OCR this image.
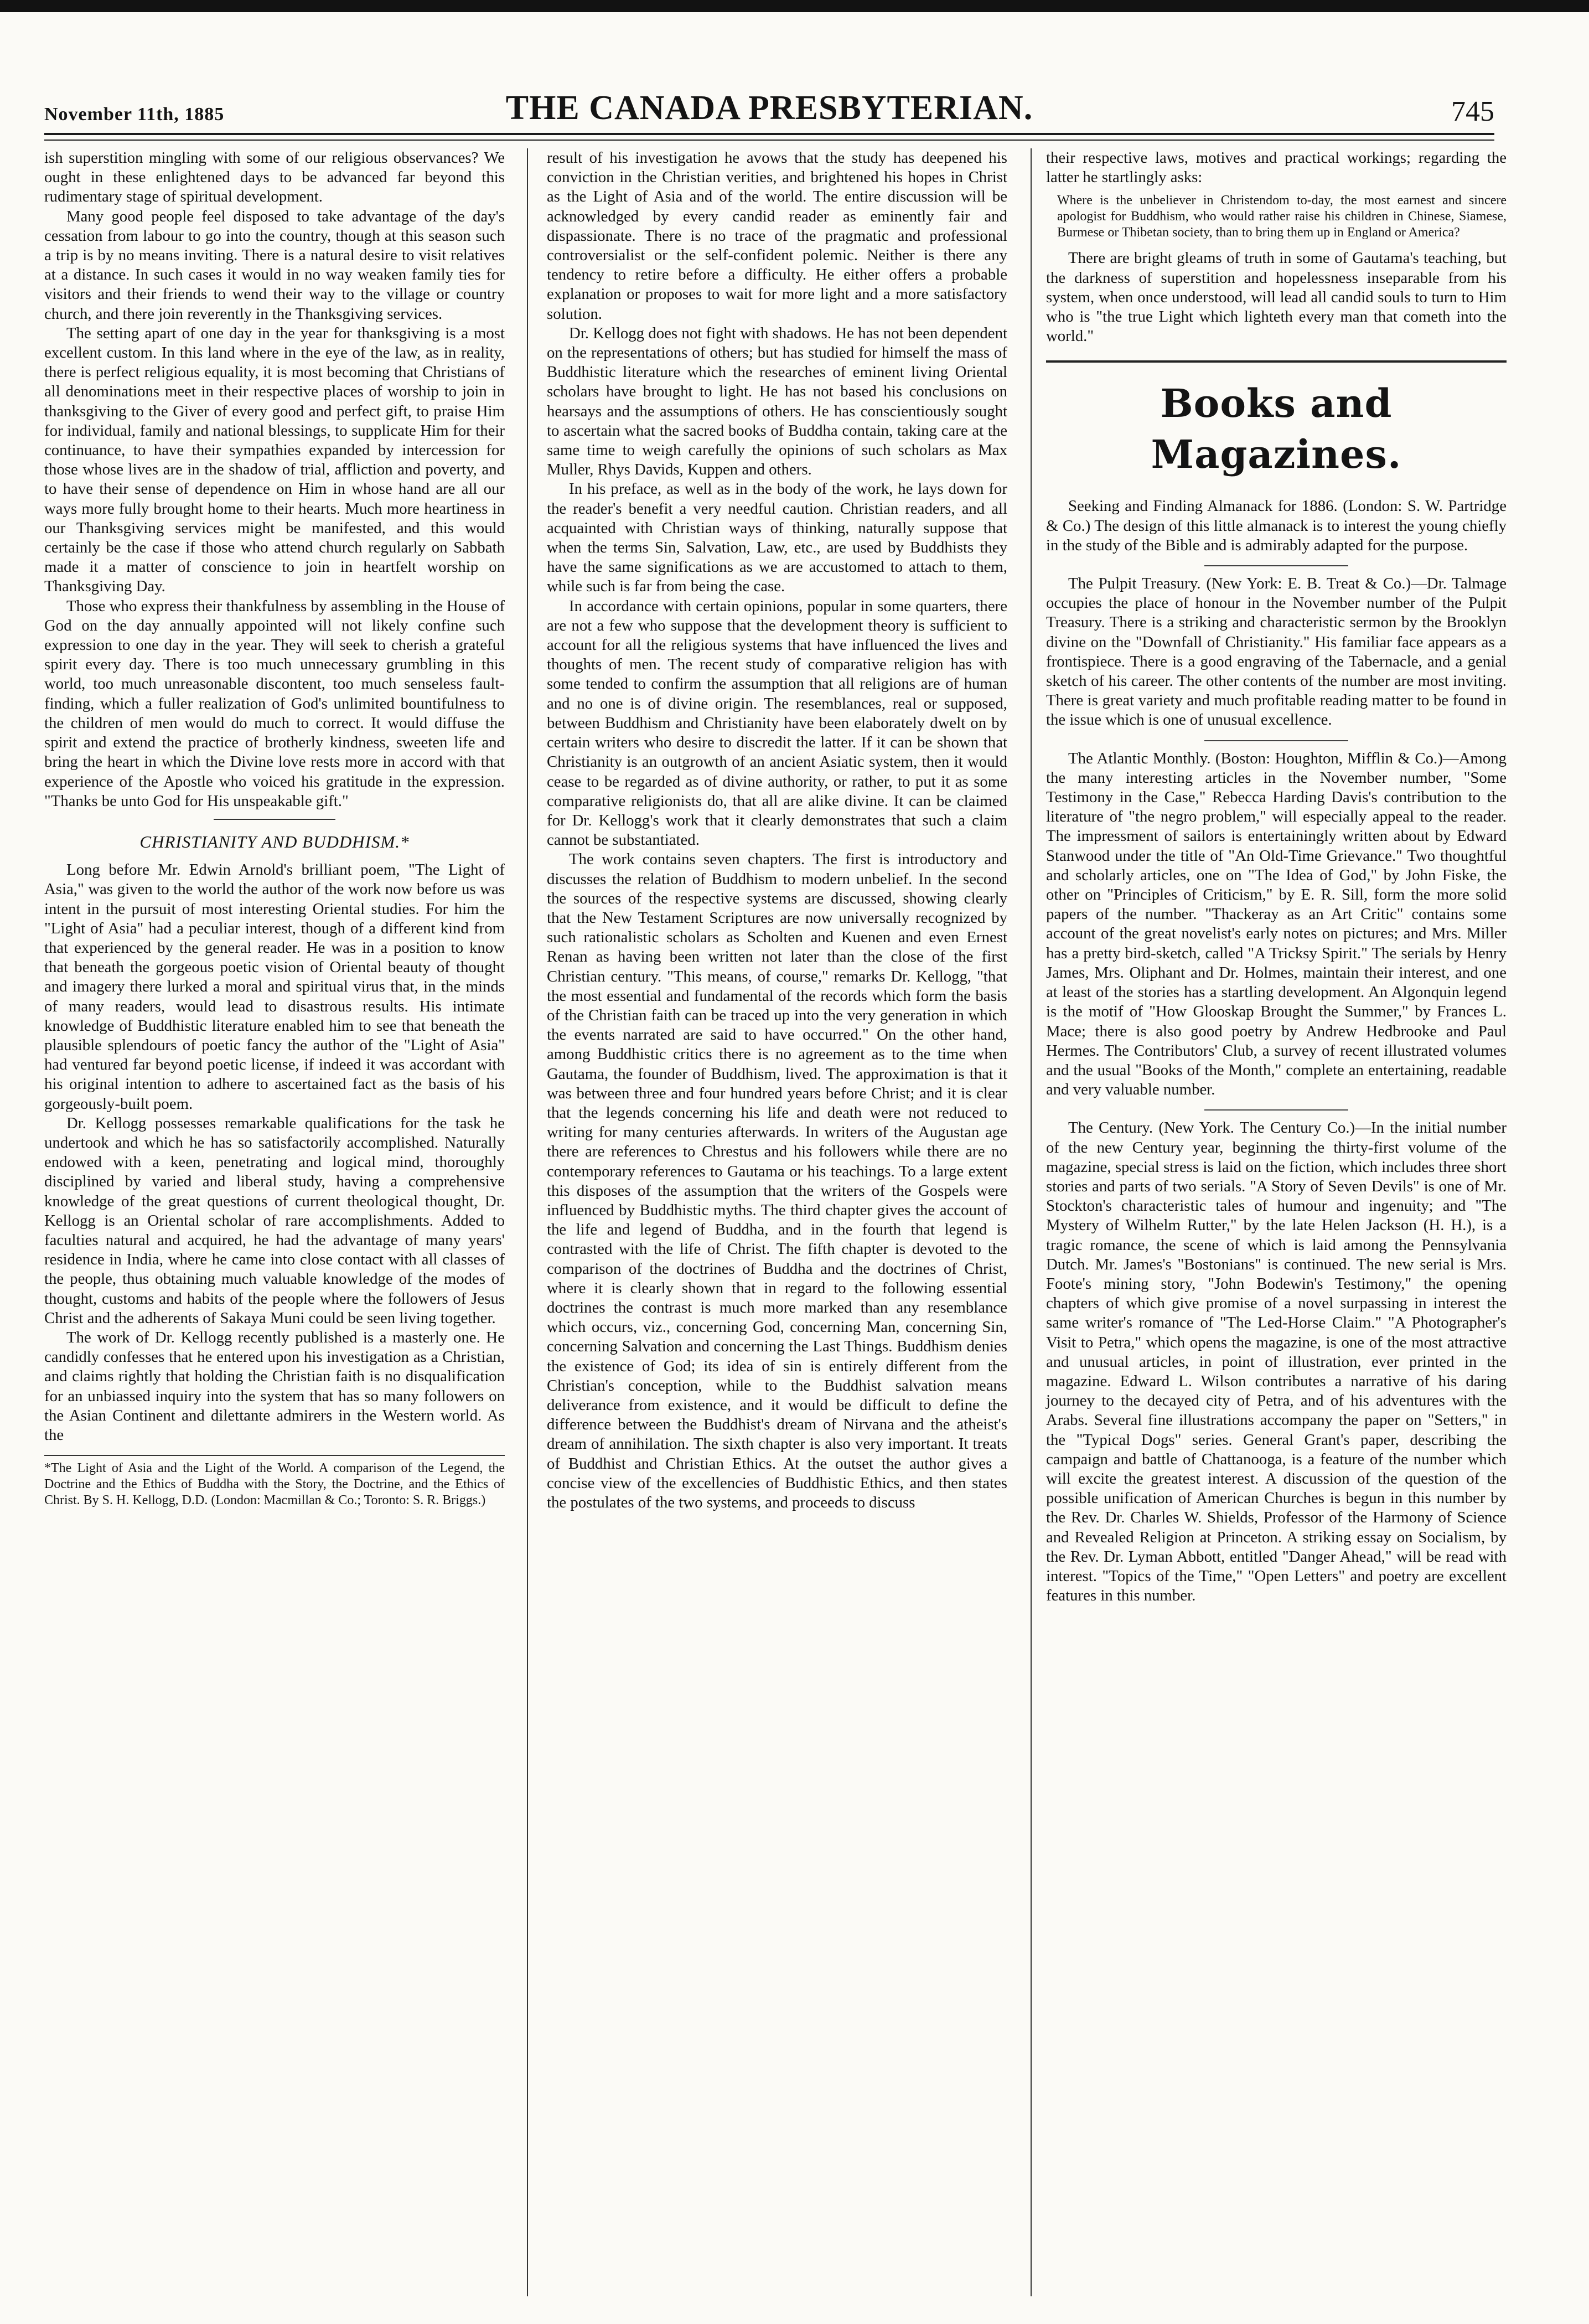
November 11th, 1885	THE CANADA PRESBYTERIAN.	745

ish superstition mingling with some of our religious observances? We ought in these enlightened days to be advanced far beyond this rudimentary stage of spiritual development.

Many good people feel disposed to take advantage of the day's cessation from labour to go into the country, though at this season such a trip is by no means inviting. There is a natural desire to visit relatives at a distance. In such cases it would in no way weaken family ties for visitors and their friends to wend their way to the village or country church, and there join reverently in the Thanksgiving services.

The setting apart of one day in the year for thanksgiving is a most excellent custom. In this land where in the eye of the law, as in reality, there is perfect religious equality, it is most becoming that Christians of all denominations meet in their respective places of worship to join in thanksgiving to the Giver of every good and perfect gift, to praise Him for individual, family and national blessings, to supplicate Him for their continuance, to have their sympathies expanded by intercession for those whose lives are in the shadow of trial, affliction and poverty, and to have their sense of dependence on Him in whose hand are all our ways more fully brought home to their hearts. Much more heartiness in our Thanksgiving services might be manifested, and this would certainly be the case if those who attend church regularly on Sabbath made it a matter of conscience to join in heartfelt worship on Thanksgiving Day.

Those who express their thankfulness by assembling in the House of God on the day annually appointed will not likely confine such expression to one day in the year. They will seek to cherish a grateful spirit every day. There is too much unnecessary grumbling in this world, too much unreasonable discontent, too much senseless fault-finding, which a fuller realization of God's unlimited bountifulness to the children of men would do much to correct. It would diffuse the spirit and extend the practice of brotherly kindness, sweeten life and bring the heart in which the Divine love rests more in accord with that experience of the Apostle who voiced his gratitude in the expression. "Thanks be unto God for His unspeakable gift."

CHRISTIANITY AND BUDDHISM.*

Long before Mr. Edwin Arnold's brilliant poem, "The Light of Asia," was given to the world the author of the work now before us was intent in the pursuit of most interesting Oriental studies. For him the "Light of Asia" had a peculiar interest, though of a different kind from that experienced by the general reader. He was in a position to know that beneath the gorgeous poetic vision of Oriental beauty of thought and imagery there lurked a moral and spiritual virus that, in the minds of many readers, would lead to disastrous results. His intimate knowledge of Buddhistic literature enabled him to see that beneath the plausible splendours of poetic fancy the author of the "Light of Asia" had ventured far beyond poetic license, if indeed it was accordant with his original intention to adhere to ascertained fact as the basis of his gorgeously-built poem.

Dr. Kellogg possesses remarkable qualifications for the task he undertook and which he has so satisfactorily accomplished. Naturally endowed with a keen, penetrating and logical mind, thoroughly disciplined by varied and liberal study, having a comprehensive knowledge of the great questions of current theological thought, Dr. Kellogg is an Oriental scholar of rare accomplishments. Added to faculties natural and acquired, he had the advantage of many years' residence in India, where he came into close contact with all classes of the people, thus obtaining much valuable knowledge of the modes of thought, customs and habits of the people where the followers of Jesus Christ and the adherents of Sakaya Muni could be seen living together.

The work of Dr. Kellogg recently published is a masterly one. He candidly confesses that he entered upon his investigation as a Christian, and claims rightly that holding the Christian faith is no disqualification for an unbiassed inquiry into the system that has so many followers on the Asian Continent and dilettante admirers in the Western world. As the

*The Light of Asia and the Light of the World. A comparison of the Legend, the Doctrine and the Ethics of Buddha with the Story, the Doctrine, and the Ethics of Christ. By S. H. Kellogg, D.D. (London: Macmillan & Co.; Toronto: S. R. Briggs.)

result of his investigation he avows that the study has deepened his conviction in the Christian verities, and brightened his hopes in Christ as the Light of Asia and of the world. The entire discussion will be acknowledged by every candid reader as eminently fair and dispassionate. There is no trace of the pragmatic and professional controversialist or the self-confident polemic. Neither is there any tendency to retire before a difficulty. He either offers a probable explanation or proposes to wait for more light and a more satisfactory solution.

Dr. Kellogg does not fight with shadows. He has not been dependent on the representations of others; but has studied for himself the mass of Buddhistic literature which the researches of eminent living Oriental scholars have brought to light. He has not based his conclusions on hearsays and the assumptions of others. He has conscientiously sought to ascertain what the sacred books of Buddha contain, taking care at the same time to weigh carefully the opinions of such scholars as Max Muller, Rhys Davids, Kuppen and others.

In his preface, as well as in the body of the work, he lays down for the reader's benefit a very needful caution. Christian readers, and all acquainted with Christian ways of thinking, naturally suppose that when the terms Sin, Salvation, Law, etc., are used by Buddhists they have the same significations as we are accustomed to attach to them, while such is far from being the case.

In accordance with certain opinions, popular in some quarters, there are not a few who suppose that the development theory is sufficient to account for all the religious systems that have influenced the lives and thoughts of men. The recent study of comparative religion has with some tended to confirm the assumption that all religions are of human and no one is of divine origin. The resemblances, real or supposed, between Buddhism and Christianity have been elaborately dwelt on by certain writers who desire to discredit the latter. If it can be shown that Christianity is an outgrowth of an ancient Asiatic system, then it would cease to be regarded as of divine authority, or rather, to put it as some comparative religionists do, that all are alike divine. It can be claimed for Dr. Kellogg's work that it clearly demonstrates that such a claim cannot be substantiated.

The work contains seven chapters. The first is introductory and discusses the relation of Buddhism to modern unbelief. In the second the sources of the respective systems are discussed, showing clearly that the New Testament Scriptures are now universally recognized by such rationalistic scholars as Scholten and Kuenen and even Ernest Renan as having been written not later than the close of the first Christian century. "This means, of course," remarks Dr. Kellogg, "that the most essential and fundamental of the records which form the basis of the Christian faith can be traced up into the very generation in which the events narrated are said to have occurred." On the other hand, among Buddhistic critics there is no agreement as to the time when Gautama, the founder of Buddhism, lived. The approximation is that it was between three and four hundred years before Christ; and it is clear that the legends concerning his life and death were not reduced to writing for many centuries afterwards. In writers of the Augustan age there are references to Chrestus and his followers while there are no contemporary references to Gautama or his teachings. To a large extent this disposes of the assumption that the writers of the Gospels were influenced by Buddhistic myths. The third chapter gives the account of the life and legend of Buddha, and in the fourth that legend is contrasted with the life of Christ. The fifth chapter is devoted to the comparison of the doctrines of Buddha and the doctrines of Christ, where it is clearly shown that in regard to the following essential doctrines the contrast is much more marked than any resemblance which occurs, viz., concerning God, concerning Man, concerning Sin, concerning Salvation and concerning the Last Things. Buddhism denies the existence of God; its idea of sin is entirely different from the Christian's conception, while to the Buddhist salvation means deliverance from existence, and it would be difficult to define the difference between the Buddhist's dream of Nirvana and the atheist's dream of annihilation. The sixth chapter is also very important. It treats of Buddhist and Christian Ethics. At the outset the author gives a concise view of the excellencies of Buddhistic Ethics, and then states the postulates of the two systems, and proceeds to discuss

their respective laws, motives and practical workings; regarding the latter he startlingly asks:

Where is the unbeliever in Christendom to-day, the most earnest and sincere apologist for Buddhism, who would rather raise his children in Chinese, Siamese, Burmese or Thibetan society, than to bring them up in England or America?

There are bright gleams of truth in some of Gautama's teaching, but the darkness of superstition and hopelessness inseparable from his system, when once understood, will lead all candid souls to turn to Him who is "the true Light which lighteth every man that cometh into the world."

Books and Magazines.

Seeking and Finding Almanack for 1886. (London: S. W. Partridge & Co.) The design of this little almanack is to interest the young chiefly in the study of the Bible and is admirably adapted for the purpose.

The Pulpit Treasury. (New York: E. B. Treat & Co.)—Dr. Talmage occupies the place of honour in the November number of the Pulpit Treasury. There is a striking and characteristic sermon by the Brooklyn divine on the "Downfall of Christianity." His familiar face appears as a frontispiece. There is a good engraving of the Tabernacle, and a genial sketch of his career. The other contents of the number are most inviting. There is great variety and much profitable reading matter to be found in the issue which is one of unusual excellence.

The Atlantic Monthly. (Boston: Houghton, Mifflin & Co.)—Among the many interesting articles in the November number, "Some Testimony in the Case," Rebecca Harding Davis's contribution to the literature of "the negro problem," will especially appeal to the reader. The impressment of sailors is entertainingly written about by Edward Stanwood under the title of "An Old-Time Grievance." Two thoughtful and scholarly articles, one on "The Idea of God," by John Fiske, the other on "Principles of Criticism," by E. R. Sill, form the more solid papers of the number. "Thackeray as an Art Critic" contains some account of the great novelist's early notes on pictures; and Mrs. Miller has a pretty bird-sketch, called "A Tricksy Spirit." The serials by Henry James, Mrs. Oliphant and Dr. Holmes, maintain their interest, and one at least of the stories has a startling development. An Algonquin legend is the motif of "How Glooskap Brought the Summer," by Frances L. Mace; there is also good poetry by Andrew Hedbrooke and Paul Hermes. The Contributors' Club, a survey of recent illustrated volumes and the usual "Books of the Month," complete an entertaining, readable and very valuable number.

The Century. (New York. The Century Co.)—In the initial number of the new Century year, beginning the thirty-first volume of the magazine, special stress is laid on the fiction, which includes three short stories and parts of two serials. "A Story of Seven Devils" is one of Mr. Stockton's characteristic tales of humour and ingenuity; and "The Mystery of Wilhelm Rutter," by the late Helen Jackson (H. H.), is a tragic romance, the scene of which is laid among the Pennsylvania Dutch. Mr. James's "Bostonians" is continued. The new serial is Mrs. Foote's mining story, "John Bodewin's Testimony," the opening chapters of which give promise of a novel surpassing in interest the same writer's romance of "The Led-Horse Claim." "A Photographer's Visit to Petra," which opens the magazine, is one of the most attractive and unusual articles, in point of illustration, ever printed in the magazine. Edward L. Wilson contributes a narrative of his daring journey to the decayed city of Petra, and of his adventures with the Arabs. Several fine illustrations accompany the paper on "Setters," in the "Typical Dogs" series. General Grant's paper, describing the campaign and battle of Chattanooga, is a feature of the number which will excite the greatest interest. A discussion of the question of the possible unification of American Churches is begun in this number by the Rev. Dr. Charles W. Shields, Professor of the Harmony of Science and Revealed Religion at Princeton. A striking essay on Socialism, by the Rev. Dr. Lyman Abbott, entitled "Danger Ahead," will be read with interest. "Topics of the Time," "Open Letters" and poetry are excellent features in this number.
